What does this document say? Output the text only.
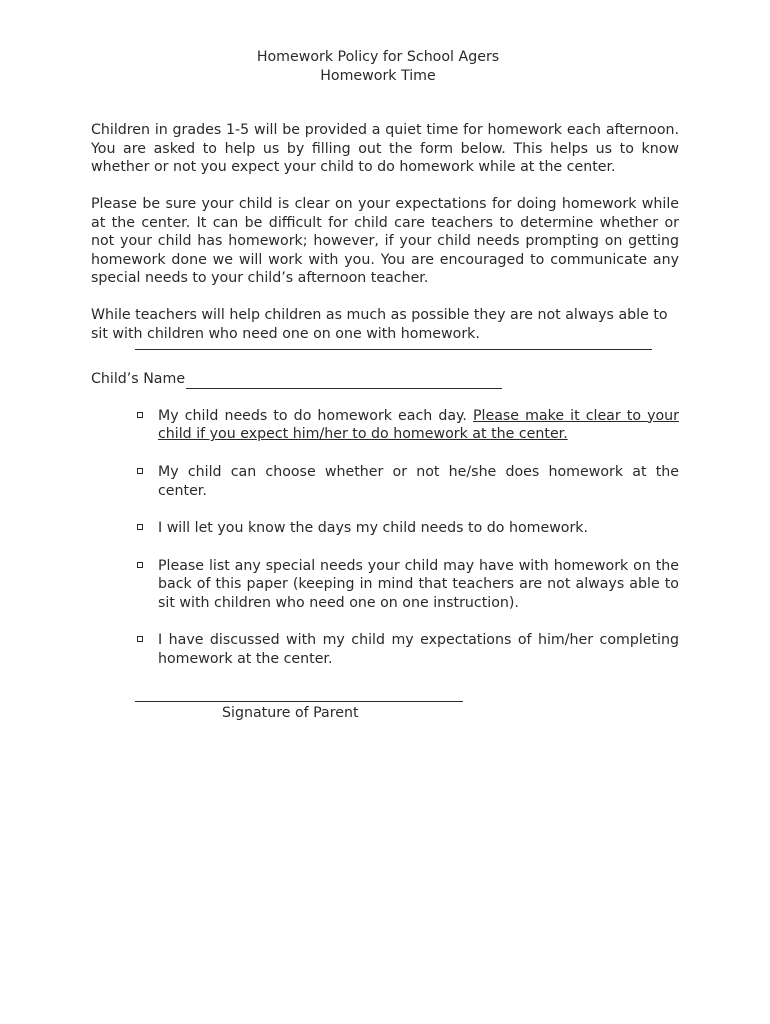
Homework Policy for School Agers
Homework Time

Children in grades 1-5 will be provided a quiet time for homework each afternoon. You are asked to help us by filling out the form below. This helps us to know whether or not you expect your child to do homework while at the center.

Please be sure your child is clear on your expectations for doing homework while at the center. It can be difficult for child care teachers to determine whether or not your child has homework; however, if your child needs prompting on getting homework done we will work with you. You are encouraged to communicate any special needs to your child’s afternoon teacher.

While teachers will help children as much as possible they are not always able to sit with children who need one on one with homework.

Child’s Name
My child needs to do homework each day. Please make it clear to your child if you expect him/her to do homework at the center.
My child can choose whether or not he/she does homework at the center.
I will let you know the days my child needs to do homework.
Please list any special needs your child may have with homework on the back of this paper (keeping in mind that teachers are not always able to sit with children who need one on one instruction).
I have discussed with my child my expectations of him/her completing homework at the center.
Signature of Parent
